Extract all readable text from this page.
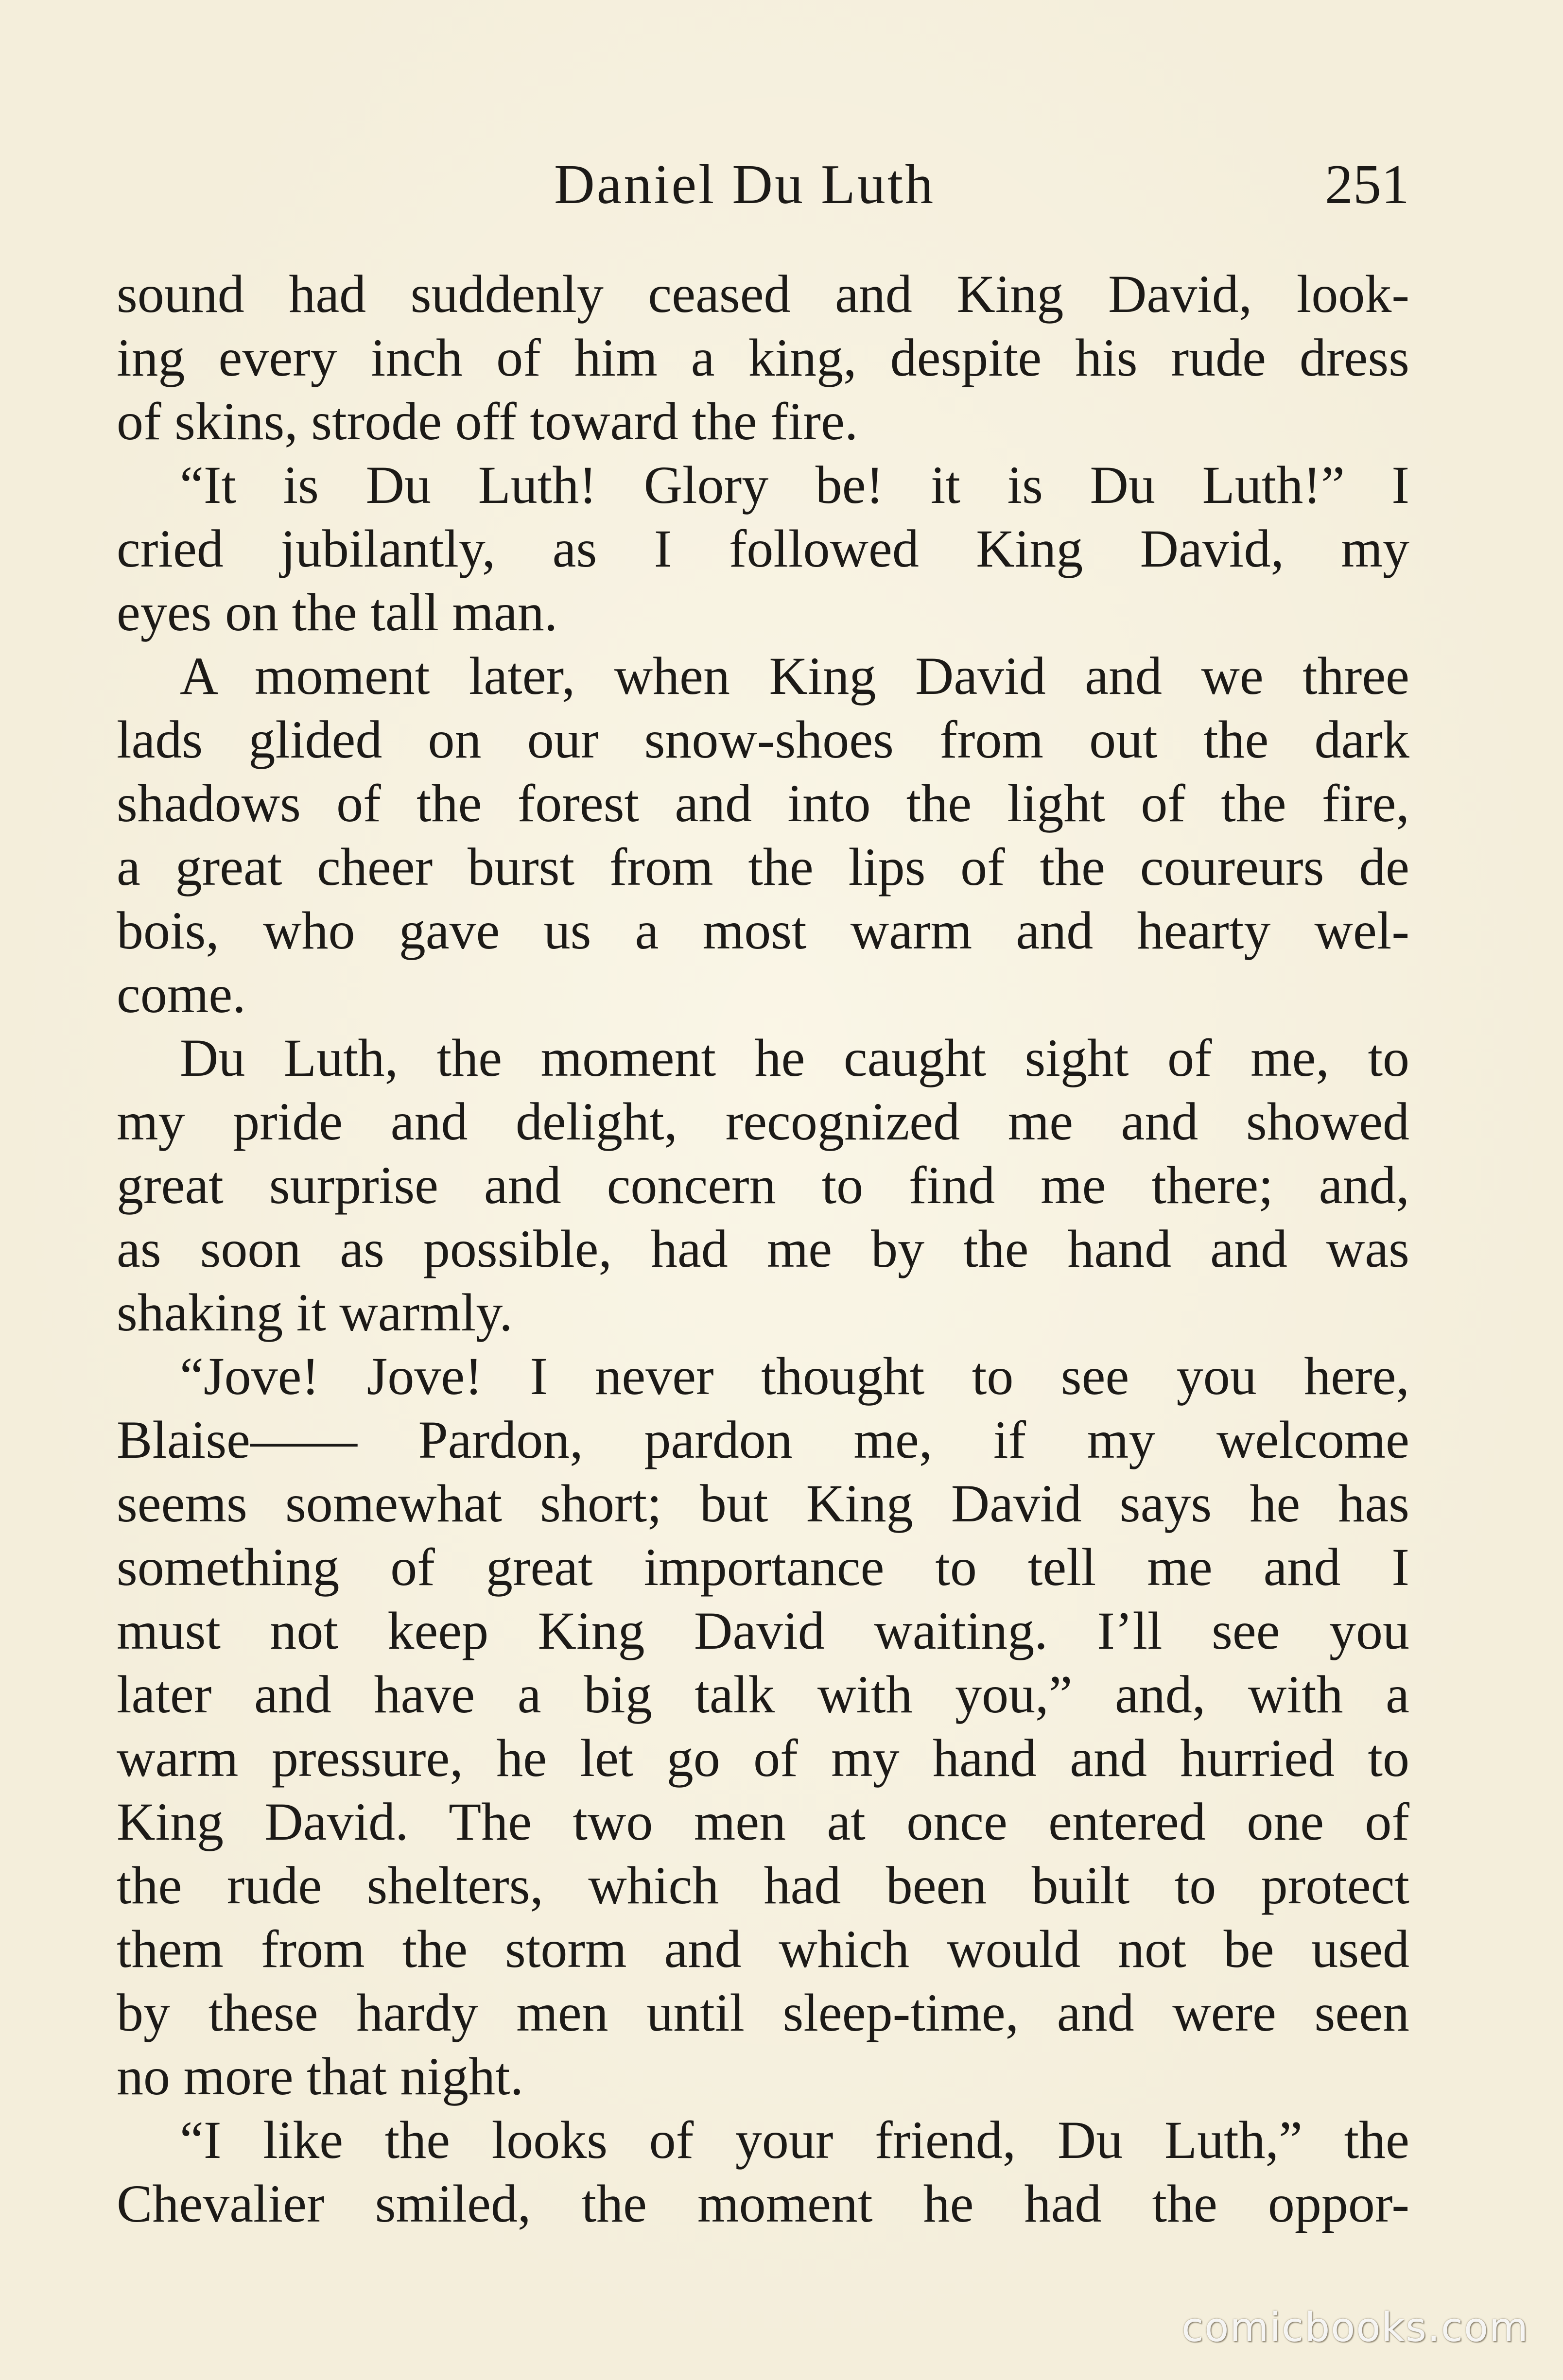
Daniel Du Luth	251
sound had suddenly ceased and King David, look-
ing every inch of him a king, despite his rude dress
of skins, strode off toward the fire.
“It is Du Luth! Glory be! it is Du Luth!” I
cried jubilantly, as I followed King David, my
eyes on the tall man.
A moment later, when King David and we three
lads glided on our snow-shoes from out the dark
shadows of the forest and into the light of the fire,
a great cheer burst from the lips of the coureurs de
bois, who gave us a most warm and hearty wel-
come.
Du Luth, the moment he caught sight of me, to
my pride and delight, recognized me and showed
great surprise and concern to find me there; and,
as soon as possible, had me by the hand and was
shaking it warmly.
“Jove! Jove! I never thought to see you here,
Blaise—— Pardon, pardon me, if my welcome
seems somewhat short; but King David says he has
something of great importance to tell me and I
must not keep King David waiting. I’ll see you
later and have a big talk with you,” and, with a
warm pressure, he let go of my hand and hurried to
King David. The two men at once entered one of
the rude shelters, which had been built to protect
them from the storm and which would not be used
by these hardy men until sleep-time, and were seen
no more that night.
“I like the looks of your friend, Du Luth,” the
Chevalier smiled, the moment he had the oppor-
comicbooks.com
